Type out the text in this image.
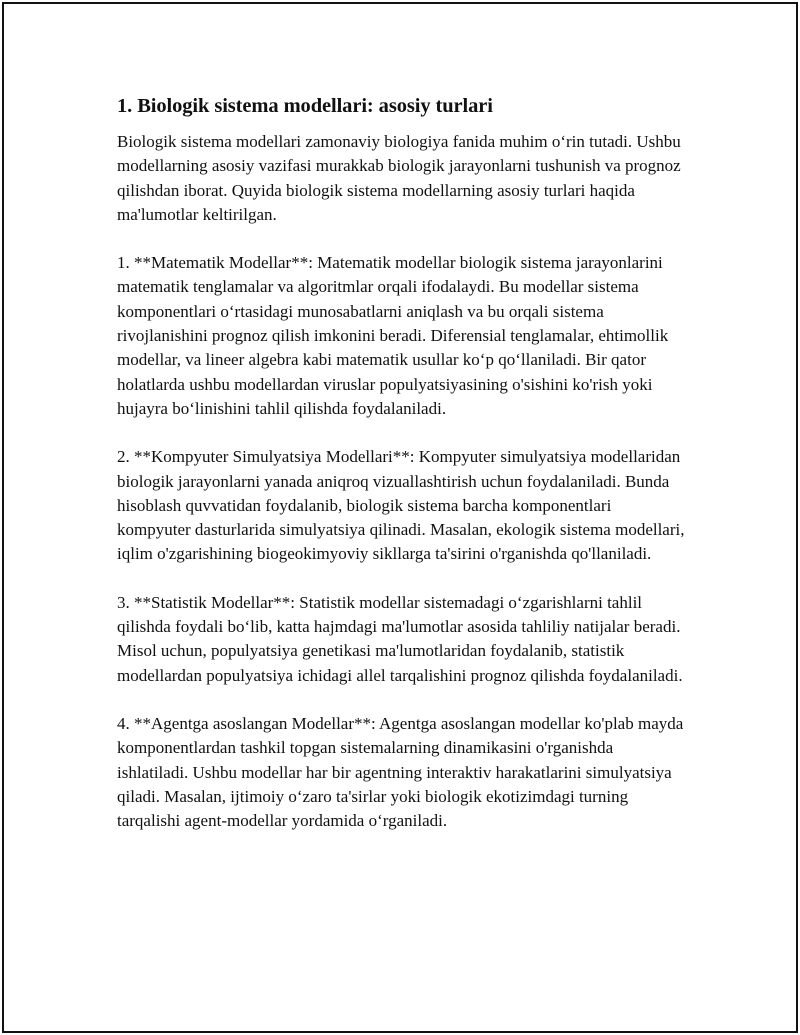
1. Biologik sistema modellari: asosiy turlari

Biologik sistema modellari zamonaviy biologiya fanida muhim oʻrin tutadi. Ushbu modellarning asosiy vazifasi murakkab biologik jarayonlarni tushunish va prognoz qilishdan iborat. Quyida biologik sistema modellarning asosiy turlari haqida ma'lumotlar keltirilgan.

1. **Matematik Modellar**: Matematik modellar biologik sistema jarayonlarini matematik tenglamalar va algoritmlar orqali ifodalaydi. Bu modellar sistema komponentlari oʻrtasidagi munosabatlarni aniqlash va bu orqali sistema rivojlanishini prognoz qilish imkonini beradi. Diferensial tenglamalar, ehtimollik modellar, va lineer algebra kabi matematik usullar koʻp qoʻllaniladi. Bir qator holatlarda ushbu modellardan viruslar populyatsiyasining o'sishini ko'rish yoki hujayra boʻlinishini tahlil qilishda foydalaniladi.

2. **Kompyuter Simulyatsiya Modellari**: Kompyuter simulyatsiya modellaridan biologik jarayonlarni yanada aniqroq vizuallashtirish uchun foydalaniladi. Bunda hisoblash quvvatidan foydalanib, biologik sistema barcha komponentlari kompyuter dasturlarida simulyatsiya qilinadi. Masalan, ekologik sistema modellari, iqlim o'zgarishining biogeokimyoviy sikllarga ta'sirini o'rganishda qo'llaniladi.

3. **Statistik Modellar**: Statistik modellar sistemadagi oʻzgarishlarni tahlil qilishda foydali boʻlib, katta hajmdagi ma'lumotlar asosida tahliliy natijalar beradi. Misol uchun, populyatsiya genetikasi ma'lumotlaridan foydalanib, statistik modellardan populyatsiya ichidagi allel tarqalishini prognoz qilishda foydalaniladi.

4. **Agentga asoslangan Modellar**: Agentga asoslangan modellar ko'plab mayda komponentlardan tashkil topgan sistemalarning dinamikasini o'rganishda ishlatiladi. Ushbu modellar har bir agentning interaktiv harakatlarini simulyatsiya qiladi. Masalan, ijtimoiy oʻzaro ta'sirlar yoki biologik ekotizimdagi turning tarqalishi agent-modellar yordamida oʻrganiladi.
